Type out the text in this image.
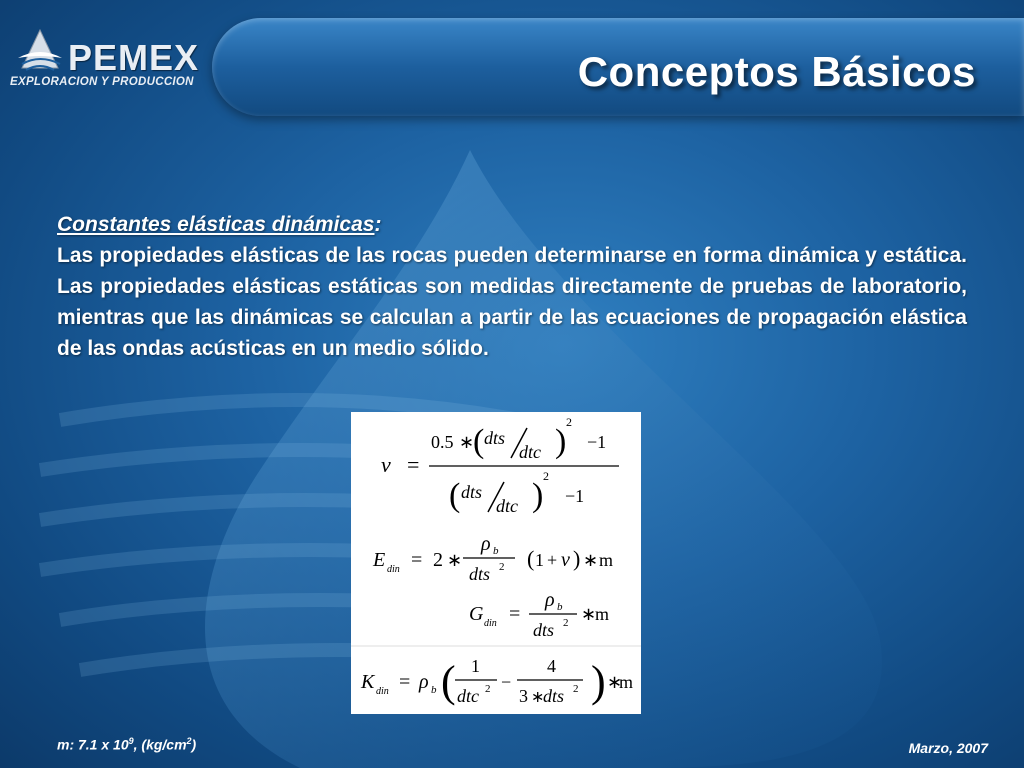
Conceptos Básicos
PEMEX
EXPLORACION Y PRODUCCION

Constantes elásticas dinámicas:

Las propiedades elásticas de las rocas pueden determinarse en forma dinámica y estática. Las propiedades elásticas estáticas son medidas directamente de pruebas de laboratorio, mientras que las dinámicas se calculan a partir de las ecuaciones de propagación elástica de las ondas acústicas en un medio sólido.

ν =
0.5 ∗
( dts
dtc )
2
−1
( dts
dtc )
2
−1
E din = 2 ∗
ρ b
dts 2 ( 1 + ν ) ∗ m
G din =
ρ b
dts 2 ∗
m
K din = ρ b ( 1
dtc 2 −
4
3 ∗
dts 2 ) ∗
m
m: 7.1 x $10^9$, $(kg/cm^2)$	Marzo, 2007
